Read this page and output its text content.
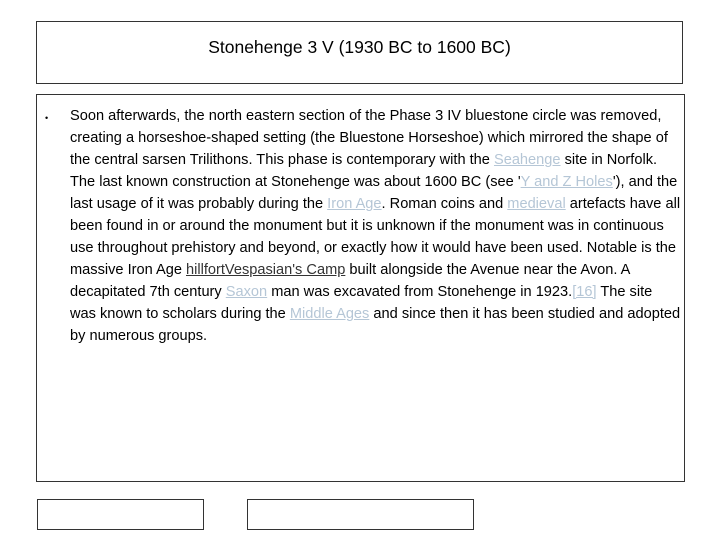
Stonehenge 3 V (1930 BC to 1600 BC)
• Soon afterwards, the north eastern section of the Phase 3 IV bluestone circle was removed, creating a horseshoe-shaped setting (the Bluestone Horseshoe) which mirrored the shape of the central sarsen Trilithons. This phase is contemporary with the Seahenge site in Norfolk. The last known construction at Stonehenge was about 1600 BC (see 'Y and Z Holes'), and the last usage of it was probably during the Iron Age. Roman coins and medieval artefacts have all been found in or around the monument but it is unknown if the monument was in continuous use throughout prehistory and beyond, or exactly how it would have been used. Notable is the massive Iron Age hillfortVespasian's Camp built alongside the Avenue near the Avon. A decapitated 7th century Saxon man was excavated from Stonehenge in 1923.[16] The site was known to scholars during the Middle Ages and since then it has been studied and adopted by numerous groups.
